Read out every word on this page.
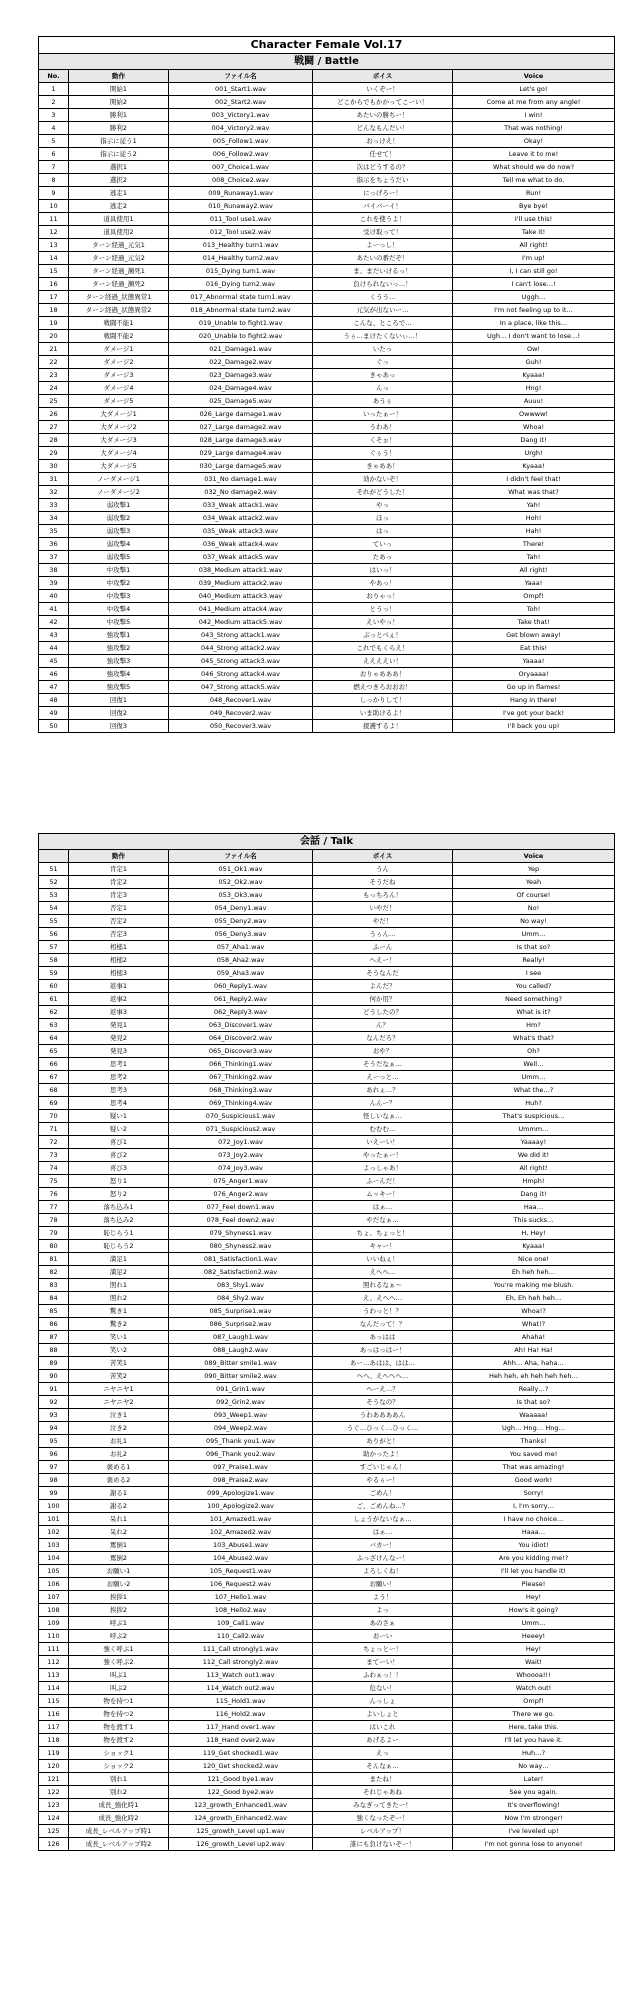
Character Female Vol.17				
戦闘 / Battle				
No.	動作	ファイル名	ボイス	Voice
1	開始1	001_Start1.wav	いくぞー！	Let's go!
2	開始2	002_Start2.wav	どこからでもかかってこーい！	Come at me from any angle!
3	勝利1	003_Victory1.wav	あたいの勝ちー！	I win!
4	勝利2	004_Victory2.wav	どんなもんだい！	That was nothing!
5	指示に従う1	005_Follow1.wav	おっけえ！	Okay!
6	指示に従う2	006_Follow2.wav	任せて！	Leave it to me!
7	選択1	007_Choice1.wav	次はどうするの？	What should we do now?
8	選択2	008_Choice2.wav	指示をちょうだい	Tell me what to do.
9	逃走1	009_Runaway1.wav	にっげろー！	Run!
10	逃走2	010_Runaway2.wav	バイバーイ！	Bye bye!
11	道具使用1	011_Tool use1.wav	これを使うよ！	I'll use this!
12	道具使用2	012_Tool use2.wav	受け取って！	Take it!
13	ターン経過_元気1	013_Healthy turn1.wav	よーっし！	All right!
14	ターン経過_元気2	014_Healthy turn2.wav	あたいの番だぞ！	I'm up!
15	ターン経過_瀕死1	015_Dying turn1.wav	ま、まだいけるっ！	I, I can still go!
16	ターン経過_瀕死2	016_Dying turn2.wav	負けられないっ…！	I can't lose…!
17	ターン経過_状態異常1	017_Abnormal state turn1.wav	くうう…	Uggh…
18	ターン経過_状態異常2	018_Abnormal state turn2.wav	元気が出ないー…	I'm not feeling up to it…
19	戦闘不能1	019_Unable to fight1.wav	こんな、ところで…	In a place, like this…
20	戦闘不能2	020_Unable to fight2.wav	うぅ…まけたくないぃ…！	Ugh… I don't want to lose…!
21	ダメージ1	021_Damage1.wav	いたっ	Ow!
22	ダメージ2	022_Damage2.wav	ぐっ	Guh!
23	ダメージ3	023_Damage3.wav	きゃあっ	Kyaaa!
24	ダメージ4	024_Damage4.wav	んっ	Hng!
25	ダメージ5	025_Damage5.wav	あうぅ	Auuu!
26	大ダメージ1	026_Large damage1.wav	いったぁー！	Owwww!
27	大ダメージ2	027_Large damage2.wav	うわあ！	Whoa!
28	大ダメージ3	028_Large damage3.wav	くそぉ！	Dang it!
29	大ダメージ4	029_Large damage4.wav	ぐぅう！	Urgh!
30	大ダメージ5	030_Large damage5.wav	きゃああ！	Kyaaa!
31	ノーダメージ1	031_No damage1.wav	効かないぞ！	I didn't feel that!
32	ノーダメージ2	032_No damage2.wav	それがどうした！	What was that?
33	弱攻撃1	033_Weak attack1.wav	やっ	Yah!
34	弱攻撃2	034_Weak attack2.wav	ほっ	Hoh!
35	弱攻撃3	035_Weak attack3.wav	はっ	Hah!
36	弱攻撃4	036_Weak attack4.wav	ていっ	There!
37	弱攻撃5	037_Weak attack5.wav	たあっ	Tah!
38	中攻撃1	038_Medium attack1.wav	はいっ！	All right!
39	中攻撃2	039_Medium attack2.wav	やあっ！	Yaaa!
40	中攻撃3	040_Medium attack3.wav	おりゃっ！	Ompf!
41	中攻撃4	041_Medium attack4.wav	とうっ！	Toh!
42	中攻撃5	042_Medium attack5.wav	えいやっ！	Take that!
43	強攻撃1	043_Strong attack1.wav	ぶっとべぇ！	Get blown away!
44	強攻撃2	044_Strong attack2.wav	これでもくらえ！	Eat this!
45	強攻撃3	045_Strong attack3.wav	ええええい！	Yaaaa!
46	強攻撃4	046_Strong attack4.wav	おりゃあああ！	Oryaaaa!
47	強攻撃5	047_Strong attack5.wav	燃えつきろおおお！	Go up in flames!
48	回復1	048_Recover1.wav	しっかりして！	Hang in there!
49	回復2	049_Recover2.wav	いま助けるよ！	I've got your back!
50	回復3	050_Recover3.wav	援護するよ！	I'll back you up!
会話 / Talk				
	動作	ファイル名	ボイス	Voice
51	肯定1	051_Ok1.wav	うん	Yep
52	肯定2	052_Ok2.wav	そうだね	Yeah
53	肯定3	053_Ok3.wav	もっちろん！	Of course!
54	否定1	054_Deny1.wav	いやだ！	No!
55	否定2	055_Deny2.wav	やだ！	No way!
56	否定3	056_Deny3.wav	うぅん…	Umm…
57	相槌1	057_Aha1.wav	ふーん	Is that so?
58	相槌2	058_Aha2.wav	へえー！	Really!
59	相槌3	059_Aha3.wav	そうなんだ	I see
60	返事1	060_Reply1.wav	よんだ？	You called?
61	返事2	061_Reply2.wav	何か用？	Need something?
62	返事3	062_Reply3.wav	どうしたの？	What is it?
63	発見1	063_Discover1.wav	ん？	Hm?
64	発見2	064_Discover2.wav	なんだろ？	What's that?
65	発見3	065_Discover3.wav	おや？	Oh?
66	思考1	066_Thinking1.wav	そうだなぁ…	Well…
67	思考2	067_Thinking2.wav	えーっと…	Umm…
68	思考3	068_Thinking3.wav	あれぇ…？	What the…?
69	思考4	069_Thinking4.wav	んんー？	Huh?
70	疑い1	070_Suspicious1.wav	怪しいなぁ…	That's suspicious…
71	疑い2	071_Suspicious2.wav	むむむ…	Ummm…
72	喜び1	072_Joy1.wav	いえーい！	Yaaaay!
73	喜び2	073_Joy2.wav	やったぁー！	We did it!
74	喜び3	074_Joy3.wav	よっしゃあ！	All right!
75	怒り1	075_Anger1.wav	ふーんだ！	Hmph!
76	怒り2	076_Anger2.wav	ムッキー！	Dang it!
77	落ち込み1	077_Feel down1.wav	はぁ…	Haa…
78	落ち込み2	078_Feel down2.wav	やだなぁ…	This sucks…
79	恥じらう1	079_Shyness1.wav	ちょ、ちょっと！	H, Hey!
80	恥じらう2	080_Shyness2.wav	キャー！	Kyaaa!
81	満足1	081_Satisfaction1.wav	いいねぇ！	Nice one!
82	満足2	082_Satisfaction2.wav	えへへ…	Eh heh heh…
83	照れ1	083_Shy1.wav	照れるなぁ～	You're making me blush.
84	照れ2	084_Shy2.wav	え、えへへ…	Eh, Eh heh heh…
85	驚き1	085_Surprise1.wav	うわっと！？	Whoa!?
86	驚き2	086_Surprise2.wav	なんだって！？	What!?
87	笑い1	087_Laugh1.wav	あっはは	Ahaha!
88	笑い2	088_Laugh2.wav	あっはっはー！	Ah! Ha! Ha!
89	苦笑1	089_Bitter smile1.wav	あー…あはは、はは…	Ahh… Aha, haha…
90	苦笑2	090_Bitter smile2.wav	へへ、えへへへ…	Heh heh, eh heh heh heh…
91	ニヤニヤ1	091_Grin1.wav	へーえ…？	Really…?
92	ニヤニヤ2	092_Grin2.wav	そうなの？	Is that so?
93	泣き1	093_Weep1.wav	うわああああん	Waaaaa!
94	泣き2	094_Weep2.wav	うぐ…ひっく…ひっく…	Ugh… Hng… Hng…
95	お礼1	095_Thank you1.wav	ありがと！	Thanks!
96	お礼2	096_Thank you2.wav	助かったよ！	You saved me!
97	褒める1	097_Praise1.wav	すごいじゃん！	That was amazing!
98	褒める2	098_Praise2.wav	やるぅー！	Good work!
99	謝る1	099_Apologize1.wav	ごめん！	Sorry!
100	謝る2	100_Apologize2.wav	ご、ごめんね…？	I, I'm sorry…
101	呆れ1	101_Amazed1.wav	しょうがないなぁ…	I have no choice…
102	呆れ2	102_Amazed2.wav	はぁ…	Haaa…
103	罵倒1	103_Abuse1.wav	バカー！	You idiot!
104	罵倒2	104_Abuse2.wav	ふっざけんなー！	Are you kidding me!?
105	お願い1	105_Request1.wav	よろしくね！	I'll let you handle it!
106	お願い2	106_Request2.wav	お願い！	Please!
107	挨拶1	107_Hello1.wav	よう！	Hey!
108	挨拶2	108_Hello2.wav	よっ	How's it going?
109	呼ぶ1	109_Call1.wav	あのさぁ	Umm…
110	呼ぶ2	110_Call2.wav	おーい	Heeey!
111	強く呼ぶ1	111_Call strongly1.wav	ちょっとー！	Hey!
112	強く呼ぶ2	112_Call strongly2.wav	まてーい！	Wait!
113	叫ぶ1	113_Watch out1.wav	ふわぁっ！！	Whoooa!!!
114	叫ぶ2	114_Watch out2.wav	危ない！	Watch out!
115	物を持つ1	115_Hold1.wav	んっしょ	Ompf!
116	物を持つ2	116_Hold2.wav	よいしょと	There we go.
117	物を渡す1	117_Hand over1.wav	はいこれ	Here, take this.
118	物を渡す2	118_Hand over2.wav	あげるよー	I'll let you have it.
119	ショック1	119_Get shocked1.wav	えっ	Huh…?
120	ショック2	120_Get shocked2.wav	そんなぁ…	No way…
121	別れ1	121_Good bye1.wav	またね！	Later!
122	別れ2	122_Good bye2.wav	それじゃあね	See you again.
123	成長_強化時1	123_growth_Enhanced1.wav	みなぎってきたー！	It's overflowing!
124	成長_強化時2	124_growth_Enhanced2.wav	強くなったぞー！	Now I'm stronger!
125	成長_レベルアップ時1	125_growth_Level up1.wav	レベルアップ！	I've leveled up!
126	成長_レベルアップ時2	126_growth_Level up2.wav	誰にも負けないぞー！	I'm not gonna lose to anyone!
